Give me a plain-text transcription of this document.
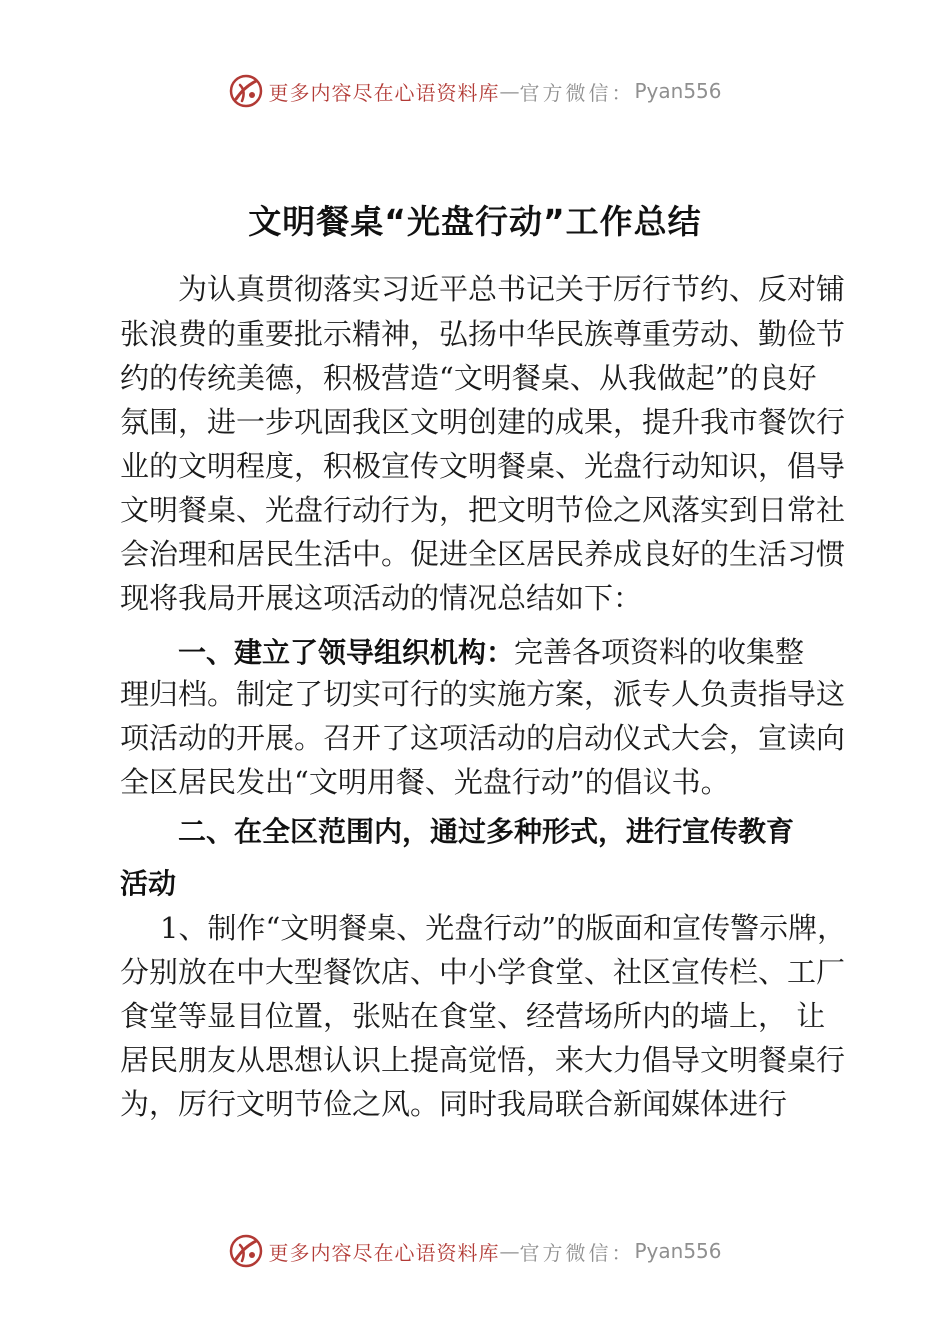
更多内容尽在心语资料库 — 官方微信： Pyan556
文明餐桌“光盘行动”工作总结
为认真贯彻落实习近平总书记关于厉行节约、反对铺
张浪费的重要批示精神，弘扬中华民族尊重劳动、勤俭节
约的传统美德，积极营造“文明餐桌、从我做起”的良好
氛围，进一步巩固我区文明创建的成果，提升我市餐饮行
业的文明程度，积极宣传文明餐桌、光盘行动知识，倡导
文明餐桌、光盘行动行为，把文明节俭之风落实到日常社
会治理和居民生活中。促进全区居民养成良好的生活习惯
现将我局开展这项活动的情况总结如下：
一、建立了领导组织机构：完善各项资料的收集整
理归档。制定了切实可行的实施方案，派专人负责指导这
项活动的开展。召开了这项活动的启动仪式大会，宣读向
全区居民发出“文明用餐、光盘行动”的倡议书。
二、在全区范围内，通过多种形式，进行宣传教育
活动
1、制作“文明餐桌、光盘行动”的版面和宣传警示牌，
分别放在中大型餐饮店、中小学食堂、社区宣传栏、工厂
食堂等显目位置，张贴在食堂、经营场所内的墙上， 让
居民朋友从思想认识上提高觉悟，来大力倡导文明餐桌行
为，厉行文明节俭之风。同时我局联合新闻媒体进行
更多内容尽在心语资料库 — 官方微信： Pyan556
